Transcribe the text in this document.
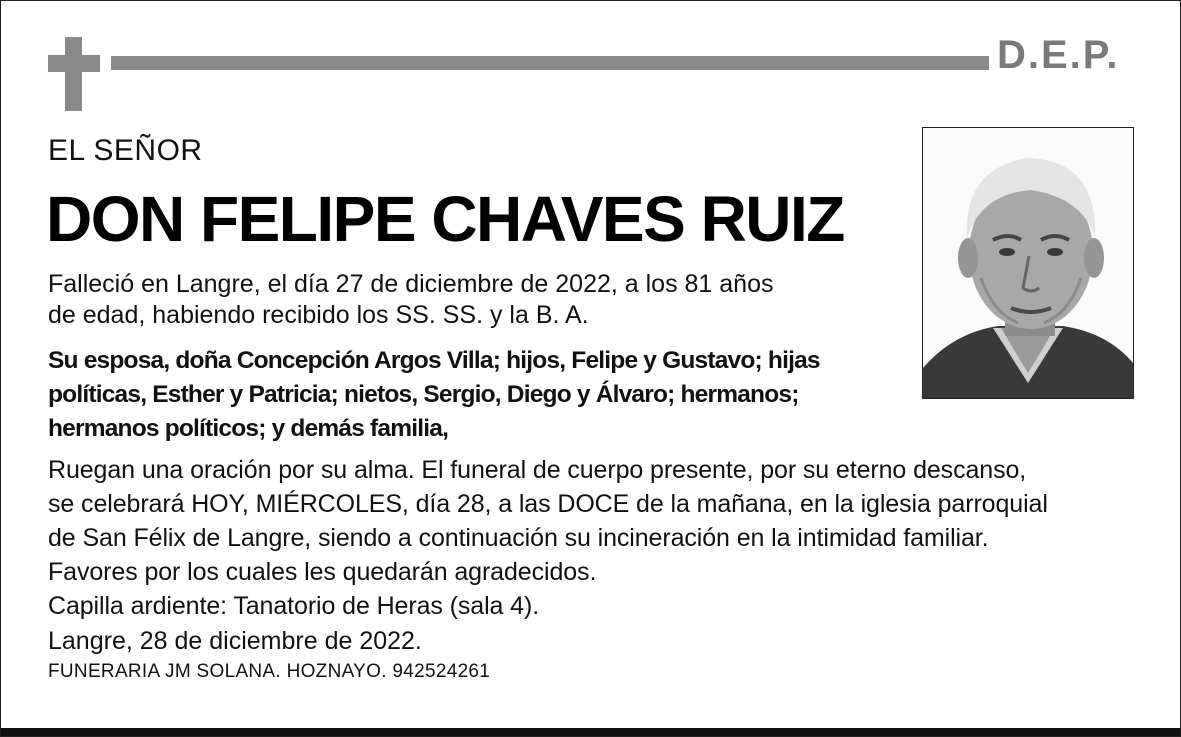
D.E.P.
EL SEÑOR
DON FELIPE CHAVES RUIZ

Falleció en Langre, el día 27 de diciembre de 2022, a los 81 años

de edad, habiendo recibido los SS. SS. y la B. A.

Su esposa, doña Concepción Argos Villa; hijos, Felipe y Gustavo; hijas políticas, Esther y Patricia; nietos, Sergio, Diego y Álvaro; hermanos; hermanos políticos; y demás familia,

Ruegan una oración por su alma. El funeral de cuerpo presente, por su eterno descanso,

se celebrará HOY, MIÉRCOLES, día 28, a las DOCE de la mañana, en la iglesia parroquial

de San Félix de Langre, siendo a continuación su incineración en la intimidad familiar.

Favores por los cuales les quedarán agradecidos.

Capilla ardiente: Tanatorio de Heras (sala 4).

Langre, 28 de diciembre de 2022.
FUNERARIA JM SOLANA. HOZNAYO. 942524261
